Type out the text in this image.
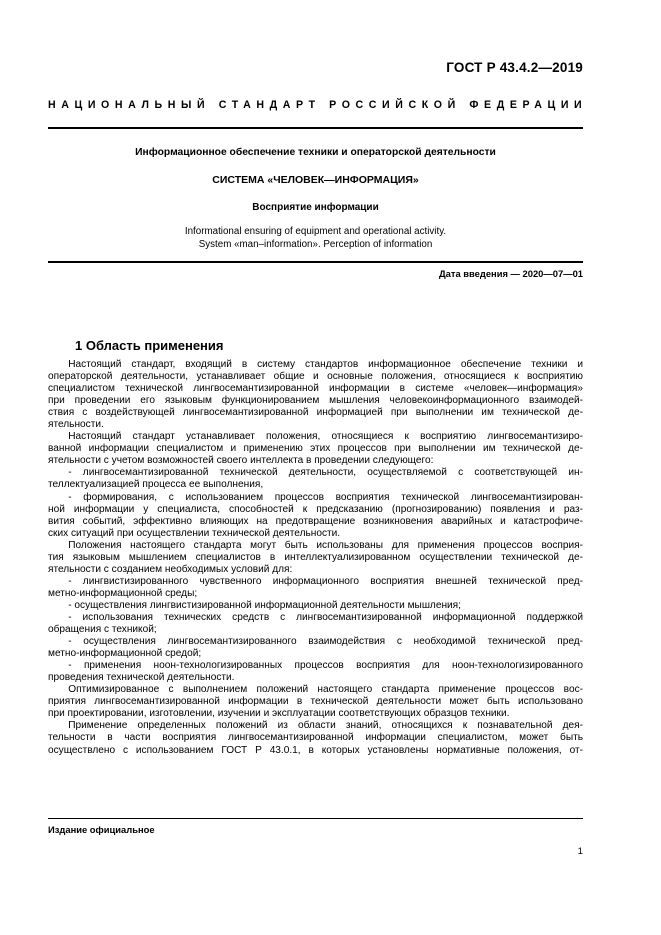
ГОСТ Р 43.4.2—2019
НАЦИОНАЛЬНЫЙ СТАНДАРТ РОССИЙСКОЙ ФЕДЕРАЦИИ
Информационное обеспечение техники и операторской деятельности
СИСТЕМА «ЧЕЛОВЕК—ИНФОРМАЦИЯ»
Восприятие информации
Informational ensuring of equipment and operational activity.
System «man–information». Perception of information
Дата введения — 2020—07—01
1 Область применения
  Настоящий стандарт, входящий в систему стандартов информационное обеспечение техники и
операторской деятельности, устанавливает общие и основные положения, относящиеся к восприятию
специалистом технической лингвосемантизированной информации в системе «человек—информация»
при проведении его языковым функционированием мышления человекоинформационного взаимодей-
ствия с воздействующей лингвосемантизированной информацией при выполнении им технической де-
ятельности.
  Настоящий стандарт устанавливает положения, относящиеся к восприятию лингвосемантизиро-
ванной информации специалистом и применению этих процессов при выполнении им технической де-
ятельности с учетом возможностей своего интеллекта в проведении следующего:
  - лингвосемантизированной технической деятельности, осуществляемой с соответствующей ин-
теллектуализацией процесса ее выполнения,
  - формирования, с использованием процессов восприятия технической лингвосемантизирован-
ной информации у специалиста, способностей к предсказанию (прогнозированию) появления и раз-
вития событий, эффективно влияющих на предотвращение возникновения аварийных и катастрофиче-
ских ситуаций при осуществлении технической деятельности.
  Положения настоящего стандарта могут быть использованы для применения процессов восприя-
тия языковым мышлением специалистов в интеллектуализированном осуществлении технической де-
ятельности с созданием необходимых условий для:
  - лингвистизированного чувственного информационного восприятия внешней технической пред-
метно-информационной среды;
  - осуществления лингвистизированной информационной деятельности мышления;
  - использования технических средств с лингвосемантизированной информационной поддержкой
обращения с техникой;
  - осуществления лингвосемантизированного взаимодействия с необходимой технической пред-
метно-информационной средой;
  - применения ноон-технологизированных процессов восприятия для ноон-технологизированного
проведения технической деятельности.
  Оптимизированное с выполнением положений настоящего стандарта применение процессов вос-
приятия лингвосемантизированной информации в технической деятельности может быть использовано
при проектировании, изготовлении, изучении и эксплуатации соответствующих образцов техники.
  Применение определенных положений из области знаний, относящихся к познавательной дея-
тельности в части восприятия лингвосемантизированной информации специалистом, может быть
осуществлено с использованием ГОСТ Р 43.0.1, в которых установлены нормативные положения, от-
Издание официальное
1
